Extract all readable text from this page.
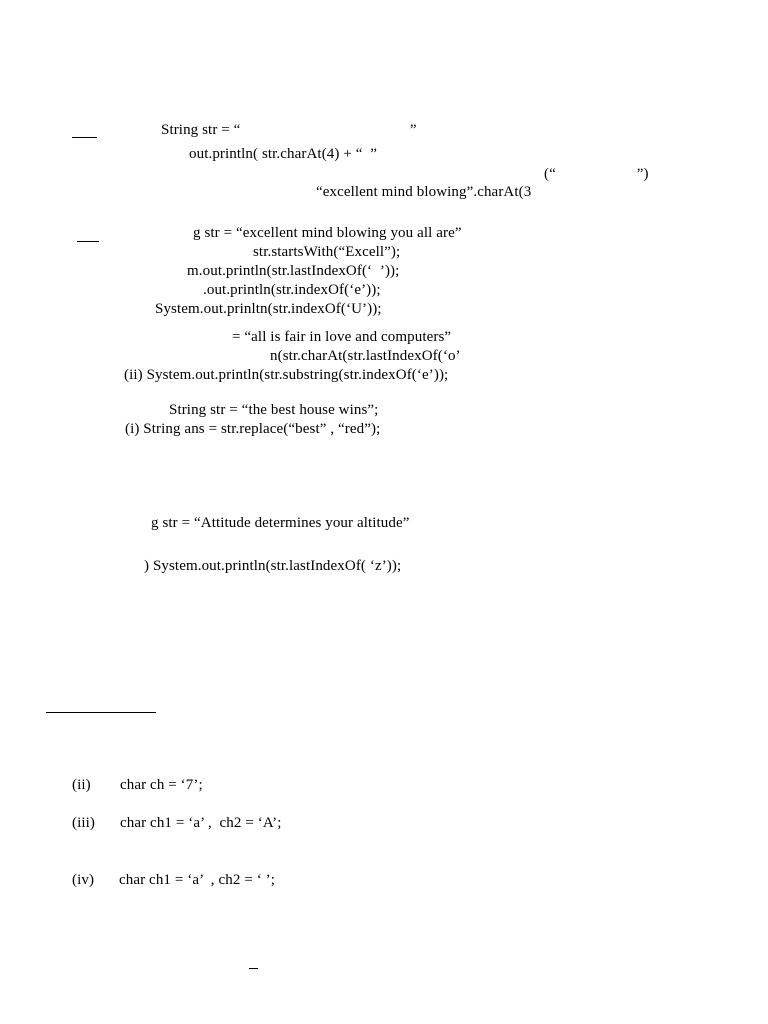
String str = “                                            ”
out.println( str.charAt(4) + “  ”
(“                     ”)
“excellent mind blowing”.charAt(3
g str = “excellent mind blowing you all are”
str.startsWith(“Excell”);
m.out.println(str.lastIndexOf(‘  ’));
.out.println(str.indexOf(‘e’));
System.out.prinltn(str.indexOf(‘U’));
= “all is fair in love and computers”
n(str.charAt(str.lastIndexOf(‘o’
(ii) System.out.println(str.substring(str.indexOf(‘e’));
String str = “the best house wins”;
(i) String ans = str.replace(“best” , “red”);
g str = “Attitude determines your altitude”
) System.out.println(str.lastIndexOf( ‘z’));
(ii) char ch = ‘7’;
(iii) char ch1 = ‘a’ ,  ch2 = ‘A’;
(iv) char ch1 = ‘a’  , ch2 = ‘ ’;
